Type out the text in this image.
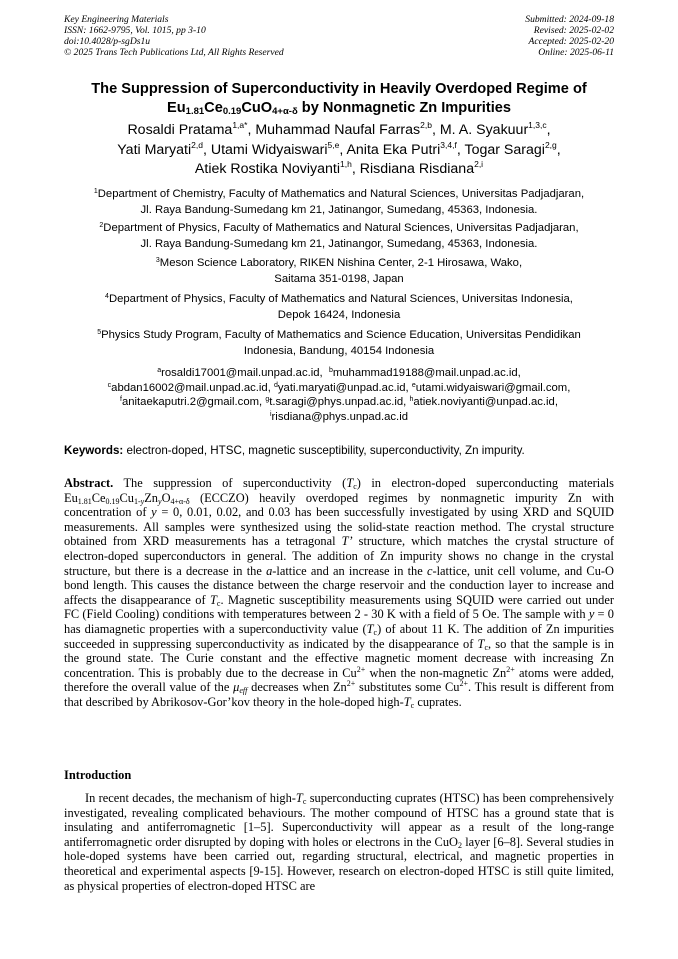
Key Engineering Materials
ISSN: 1662-9795, Vol. 1015, pp 3-10
doi:10.4028/p-sgDs1u
© 2025 Trans Tech Publications Ltd, All Rights Reserved
Submitted: 2024-09-18
Revised: 2025-02-02
Accepted: 2025-02-20
Online: 2025-06-11
The Suppression of Superconductivity in Heavily Overdoped Regime of
$Eu_{1.81}Ce_{0.19}CuO_{4+\alpha-\delta}$ by Nonmagnetic Zn Impurities
Rosaldi Pratama$^{1,a*}$, Muhammad Naufal Farras$^{2,b}$, M. A. Syakuur$^{1,3,c}$,
Yati Maryati$^{2,d}$, Utami Widyaiswari$^{5,e}$, Anita Eka Putri$^{3,4,f}$, Togar Saragi$^{2,g}$,
Atiek Rostika Noviyanti$^{1,h}$, Risdiana Risdiana$^{2,i}$
$^1$Department of Chemistry, Faculty of Mathematics and Natural Sciences, Universitas Padjadjaran,
Jl. Raya Bandung-Sumedang km 21, Jatinangor, Sumedang, 45363, Indonesia.
$^2$Department of Physics, Faculty of Mathematics and Natural Sciences, Universitas Padjadjaran,
Jl. Raya Bandung-Sumedang km 21, Jatinangor, Sumedang, 45363, Indonesia.
$^3$Meson Science Laboratory, RIKEN Nishina Center, 2-1 Hirosawa, Wako,
Saitama 351-0198, Japan
$^4$Department of Physics, Faculty of Mathematics and Natural Sciences, Universitas Indonesia,
Depok 16424, Indonesia
$^5$Physics Study Program, Faculty of Mathematics and Science Education, Universitas Pendidikan
Indonesia, Bandung, 40154 Indonesia
$^a$rosaldi17001@mail.unpad.ac.id,  $^b$muhammad19188@mail.unpad.ac.id,
$^c$abdan16002@mail.unpad.ac.id, $^d$yati.maryati@unpad.ac.id, $^e$utami.widyaiswari@gmail.com,
$^f$anitaekaputri.2@gmail.com, $^g$t.saragi@phys.unpad.ac.id, $^h$atiek.noviyanti@unpad.ac.id,
$^i$risdiana@phys.unpad.ac.id
Keywords: electron-doped, HTSC, magnetic susceptibility, superconductivity, Zn impurity.
Abstract. The suppression of superconductivity $(T_c)$ in electron-doped superconducting materials $Eu_{1.81}Ce_{0.19}Cu_{1-y}Zn_yO_{4+\alpha-\delta}$ (ECCZO) heavily overdoped regimes by nonmagnetic impurity Zn with concentration of y = 0, 0.01, 0.02, and 0.03 has been successfully investigated by using XRD and SQUID measurements. All samples were synthesized using the solid-state reaction method. The crystal structure obtained from XRD measurements has a tetragonal T’ structure, which matches the crystal structure of electron-doped superconductors in general. The addition of Zn impurity shows no change in the crystal structure, but there is a decrease in the a-lattice and an increase in the c-lattice, unit cell volume, and Cu-O bond length. This causes the distance between the charge reservoir and the conduction layer to increase and affects the disappearance of $T_c$. Magnetic susceptibility measurements using SQUID were carried out under FC (Field Cooling) conditions with temperatures between 2 - 30 K with a field of 5 Oe. The sample with y = 0 has diamagnetic properties with a superconductivity value $(T_c)$ of about 11 K. The addition of Zn impurities succeeded in suppressing superconductivity as indicated by the disappearance of $T_c$, so that the sample is in the ground state. The Curie constant and the effective magnetic moment decrease with increasing Zn concentration. This is probably due to the decrease in $Cu^{2+}$ when the non-magnetic $Zn^{2+}$ atoms were added, therefore the overall value of the $\mu_{eff}$ decreases when $Zn^{2+}$ substitutes some $Cu^{2+}$. This result is different from that described by Abrikosov-Gor’kov theory in the hole-doped high-$T_c$ cuprates.
Introduction
In recent decades, the mechanism of high-$T_c$ superconducting cuprates (HTSC) has been comprehensively investigated, revealing complicated behaviours. The mother compound of HTSC has a ground state that is insulating and antiferromagnetic [1–5]. Superconductivity will appear as a result of the long-range antiferromagnetic order disrupted by doping with holes or electrons in the CuO$_2$ layer [6–8]. Several studies in hole-doped systems have been carried out, regarding structural, electrical, and magnetic properties in theoretical and experimental aspects [9-15]. However, research on electron-doped HTSC is still quite limited, as physical properties of electron-doped HTSC are
